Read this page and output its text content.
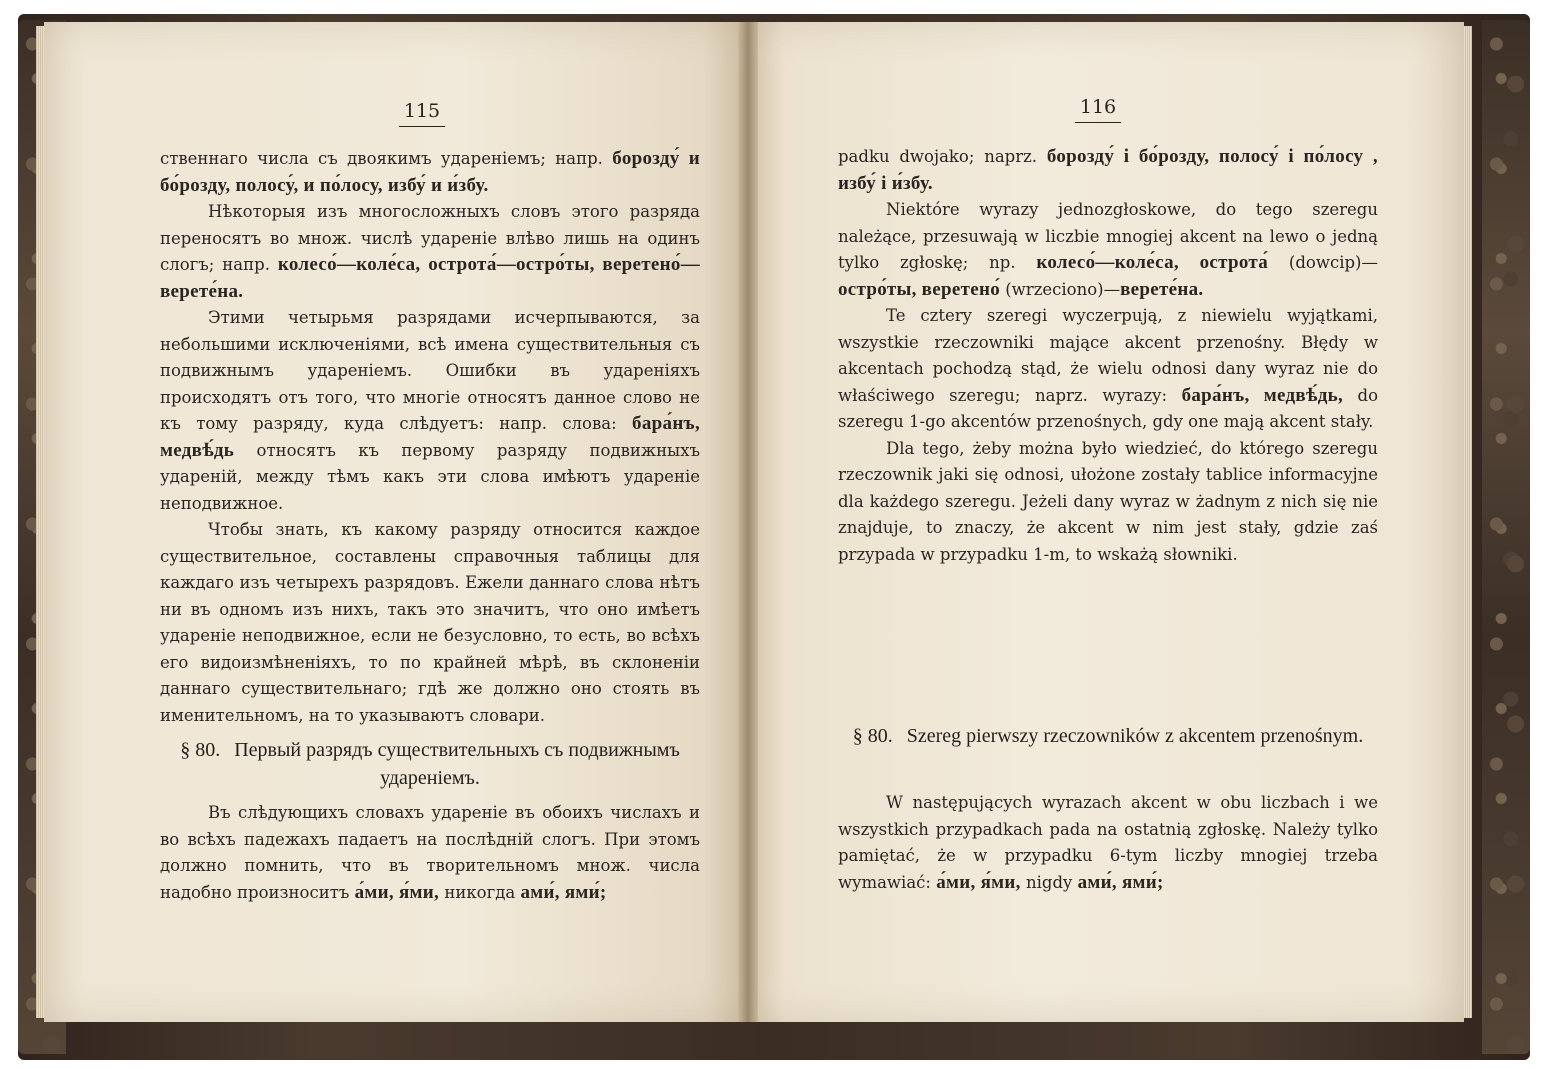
115

ственнаго числа съ двоякимъ удареніемъ; напр. борозду́ и бо́розду, полосу́, и по́лосу, избу́ и и́збу.

Нѣкоторыя изъ многосложныхъ словъ этого разряда переносятъ во множ. числѣ удареніе влѣво лишь на одинъ слогъ; напр. колесо́—коле́са, острота́—остро́ты, веретено́—верете́на.

Этими четырьмя разрядами исчерпываются, за небольшими исключеніями, всѣ имена существительныя съ подвижнымъ удареніемъ. Ошибки въ удареніяхъ происходятъ отъ того, что многіе относятъ данное слово не къ тому разряду, куда слѣдуетъ: напр. слова: бара́нъ, медвѣ́дь относятъ къ первому разряду подвижныхъ удареній, между тѣмъ какъ эти слова имѣютъ удареніе неподвижное.

Чтобы знать, къ какому разряду относится каждое существительное, составлены справочныя таблицы для каждаго изъ четырехъ разрядовъ. Ежели даннаго слова нѣтъ ни въ одномъ изъ нихъ, такъ это значитъ, что оно имѣетъ удареніе неподвижное, если не безусловно, то есть, во всѣхъ его видоизмѣненіяхъ, то по крайней мѣрѣ, въ склоненіи даннаго существительнаго; гдѣ же должно оно стоять въ именительномъ, на то указываютъ словари.

§ 80. Первый разрядъ существительныхъ съ подвижнымъ удареніемъ.

Въ слѣдующихъ словахъ удареніе въ обоихъ числахъ и во всѣхъ падежахъ падаетъ на послѣдній слогъ. При этомъ должно помнить, что въ творительномъ множ. числа надобно произноситъ а́ми, я́ми, никогда ами́, ями́;

116

padku dwojako; naprz. борозду́ i бо́розду, полосу́ i по́лосу , избу́ i и́збу.

Niektóre wyrazy jednozgłoskowe, do tego szeregu należące, przesuwają w liczbie mnogiej akcent na lewo o jedną tylko zgłoskę; np. колесо́—коле́са, острота́ (dowcip)—остро́ты, веретено́ (wrzeciono)—верете́на.

Te cztery szeregi wyczerpują, z niewielu wyjątkami, wszystkie rzeczowniki mające akcent przenośny. Błędy w akcentach pochodzą stąd, że wielu odnosi dany wyraz nie do właściwego szeregu; naprz. wyrazy: бара́нъ, медвѣ́дь, do szeregu 1-go akcentów przenośnych, gdy one mają akcent stały.

Dla tego, żeby można było wiedzieć, do którego szeregu rzeczownik jaki się odnosi, ułożone zostały tablice informacyjne dla każdego szeregu. Jeżeli dany wyraz w żadnym z nich się nie znajduje, to znaczy, że akcent w nim jest stały, gdzie zaś przypada w przypadku 1-m, to wskażą słowniki.

§ 80. Szereg pierwszy rzeczowników z akcentem przenośnym.

W następujących wyrazach akcent w obu liczbach i we wszystkich przypadkach pada na ostatnią zgłoskę. Należy tylko pamiętać, że w przypadku 6-tym liczby mnogiej trzeba wymawiać: а́ми, я́ми, nigdy ами́, ями́;
